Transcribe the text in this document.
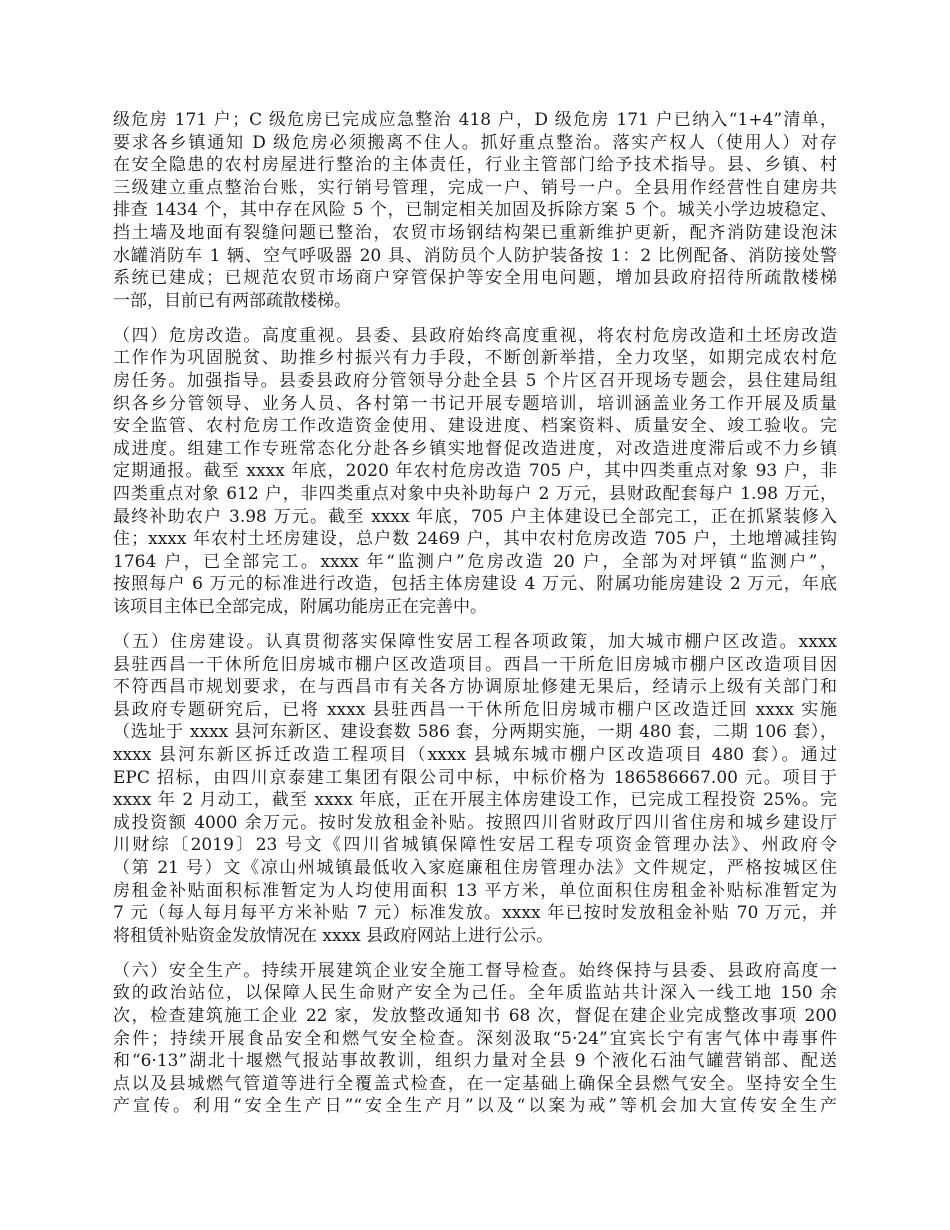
级危房 171 户；C 级危房已完成应急整治 418 户，D 级危房 171 户已纳入“1+4”清单，
要求各乡镇通知 D 级危房必须搬离不住人。抓好重点整治。落实产权人（使用人）对存
在安全隐患的农村房屋进行整治的主体责任，行业主管部门给予技术指导。县、乡镇、村
三级建立重点整治台账，实行销号管理，完成一户、销号一户。全县用作经营性自建房共
排查 1434 个，其中存在风险 5 个，已制定相关加固及拆除方案 5 个。城关小学边坡稳定、
挡土墙及地面有裂缝问题已整治，农贸市场钢结构架已重新维护更新，配齐消防建设泡沫
水罐消防车 1 辆、空气呼吸器 20 具、消防员个人防护装备按 1：2 比例配备、消防接处警
系统已建成；已规范农贸市场商户穿管保护等安全用电问题，增加县政府招待所疏散楼梯
一部，目前已有两部疏散楼梯。
（四）危房改造。高度重视。县委、县政府始终高度重视，将农村危房改造和土坯房改造
工作作为巩固脱贫、助推乡村振兴有力手段，不断创新举措，全力攻坚，如期完成农村危
房任务。加强指导。县委县政府分管领导分赴全县 5 个片区召开现场专题会，县住建局组
织各乡分管领导、业务人员、各村第一书记开展专题培训，培训涵盖业务工作开展及质量
安全监管、农村危房工作改造资金使用、建设进度、档案资料、质量安全、竣工验收。完
成进度。组建工作专班常态化分赴各乡镇实地督促改造进度，对改造进度滞后或不力乡镇
定期通报。截至 xxxx 年底，2020 年农村危房改造 705 户，其中四类重点对象 93 户，非
四类重点对象 612 户，非四类重点对象中央补助每户 2 万元，县财政配套每户 1.98 万元，
最终补助农户 3.98 万元。截至 xxxx 年底，705 户主体建设已全部完工，正在抓紧装修入
住；xxxx 年农村土坯房建设，总户数 2469 户，其中农村危房改造 705 户，土地增减挂钩
1764 户，已全部完工。xxxx 年“监测户”危房改造 20 户，全部为对坪镇“监测户”，
按照每户 6 万元的标准进行改造，包括主体房建设 4 万元、附属功能房建设 2 万元，年底
该项目主体已全部完成，附属功能房正在完善中。
（五）住房建设。认真贯彻落实保障性安居工程各项政策，加大城市棚户区改造。xxxx
县驻西昌一干休所危旧房城市棚户区改造项目。西昌一干所危旧房城市棚户区改造项目因
不符西昌市规划要求，在与西昌市有关各方协调原址修建无果后，经请示上级有关部门和
县政府专题研究后，已将 xxxx 县驻西昌一干休所危旧房城市棚户区改造迁回 xxxx 实施
（选址于 xxxx 县河东新区、建设套数 586 套，分两期实施，一期 480 套，二期 106 套），
xxxx 县河东新区拆迁改造工程项目（xxxx 县城东城市棚户区改造项目 480 套）。通过
EPC 招标，由四川京泰建工集团有限公司中标，中标价格为 186586667.00 元。项目于
xxxx 年 2 月动工，截至 xxxx 年底，正在开展主体房建设工作，已完成工程投资 25%。完
成投资额 4000 余万元。按时发放租金补贴。按照四川省财政厅四川省住房和城乡建设厅
川财综〔2019〕23 号文《四川省城镇保障性安居工程专项资金管理办法》、州政府令
（第 21 号）文《凉山州城镇最低收入家庭廉租住房管理办法》文件规定，严格按城区住
房租金补贴面积标准暂定为人均使用面积 13 平方米，单位面积住房租金补贴标准暂定为
7 元（每人每月每平方米补贴 7 元）标准发放。xxxx 年已按时发放租金补贴 70 万元，并
将租赁补贴资金发放情况在 xxxx 县政府网站上进行公示。
（六）安全生产。持续开展建筑企业安全施工督导检查。始终保持与县委、县政府高度一
致的政治站位，以保障人民生命财产安全为己任。全年质监站共计深入一线工地 150 余
次，检查建筑施工企业 22 家，发放整改通知书 68 次，督促在建企业完成整改事项 200
余件；持续开展食品安全和燃气安全检查。深刻汲取“5·24”宜宾长宁有害气体中毒事件
和“6·13”湖北十堰燃气报站事故教训，组织力量对全县 9 个液化石油气罐营销部、配送
点以及县城燃气管道等进行全覆盖式检查，在一定基础上确保全县燃气安全。坚持安全生
产宣传。利用“安全生产日”“安全生产月”以及“以案为戒”等机会加大宣传安全生产
